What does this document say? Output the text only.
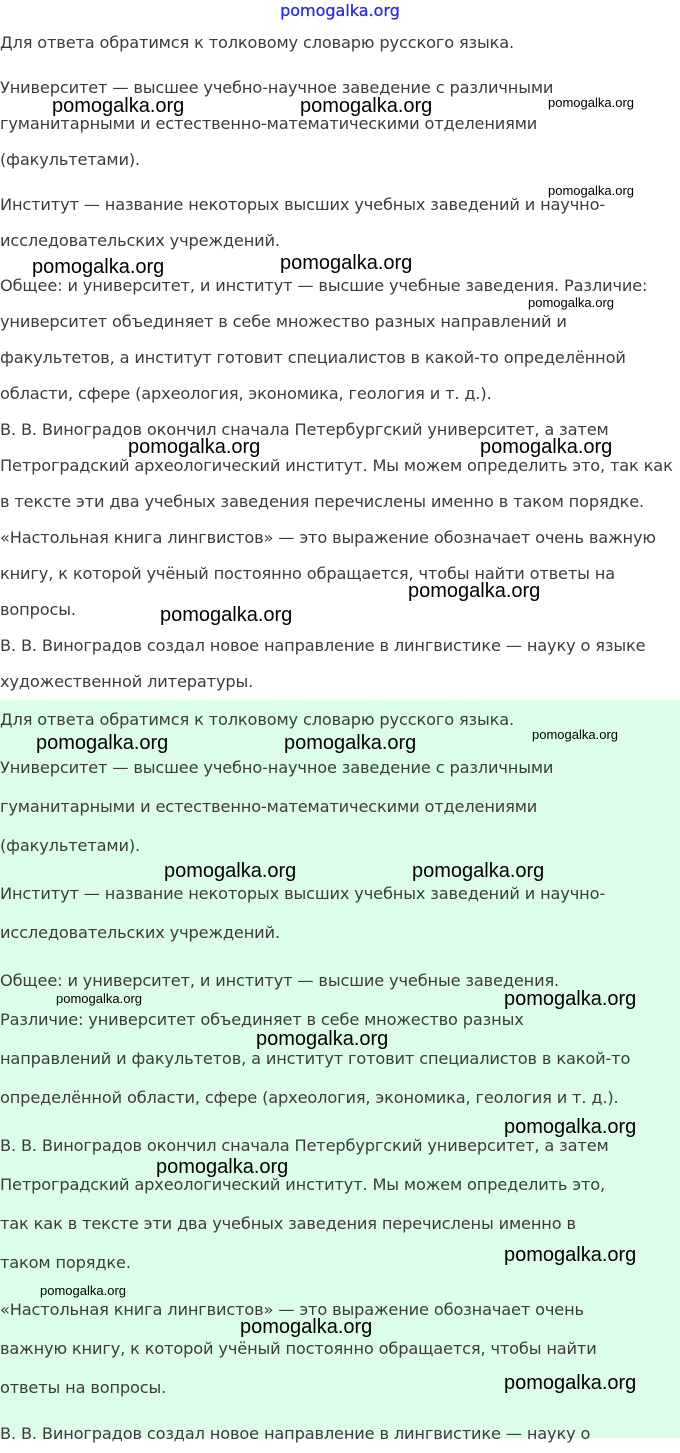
pomogalka.org
Для ответа обратимся к толковому словарю русского языка.
Университет — высшее учебно-научное заведение с различными
гуманитарными и естественно-математическими отделениями
(факультетами).
Институт — название некоторых высших учебных заведений и научно-
исследовательских учреждений.
Общее: и университет, и институт — высшие учебные заведения. Различие:
университет объединяет в себе множество разных направлений и
факультетов, а институт готовит специалистов в какой-то определённой
области, сфере (археология, экономика, геология и т. д.).
В. В. Виноградов окончил сначала Петербургский университет, а затем
Петроградский археологический институт. Мы можем определить это, так как
в тексте эти два учебных заведения перечислены именно в таком порядке.
«Настольная книга лингвистов» — это выражение обозначает очень важную
книгу, к которой учёный постоянно обращается, чтобы найти ответы на
вопросы.
В. В. Виноградов создал новое направление в лингвистике — науку о языке
художественной литературы.
Для ответа обратимся к толковому словарю русского языка.
Университет — высшее учебно-научное заведение с различными
гуманитарными и естественно-математическими отделениями
(факультетами).
Институт — название некоторых высших учебных заведений и научно-
исследовательских учреждений.
Общее: и университет, и институт — высшие учебные заведения.
Различие: университет объединяет в себе множество разных
направлений и факультетов, а институт готовит специалистов в какой-то
определённой области, сфере (археология, экономика, геология и т. д.).
В. В. Виноградов окончил сначала Петербургский университет, а затем
Петроградский археологический институт. Мы можем определить это,
так как в тексте эти два учебных заведения перечислены именно в
таком порядке.
«Настольная книга лингвистов» — это выражение обозначает очень
важную книгу, к которой учёный постоянно обращается, чтобы найти
ответы на вопросы.
В. В. Виноградов создал новое направление в лингвистике — науку о
pomogalka.org	pomogalka.org	pomogalka.org
pomogalka.org
pomogalka.org	pomogalka.org
pomogalka.org
pomogalka.org	pomogalka.org
pomogalka.org
pomogalka.org
pomogalka.org	pomogalka.org	pomogalka.org
pomogalka.org	pomogalka.org
pomogalka.org	pomogalka.org
pomogalka.org
pomogalka.org
pomogalka.org
pomogalka.org
pomogalka.org
pomogalka.org
pomogalka.org
